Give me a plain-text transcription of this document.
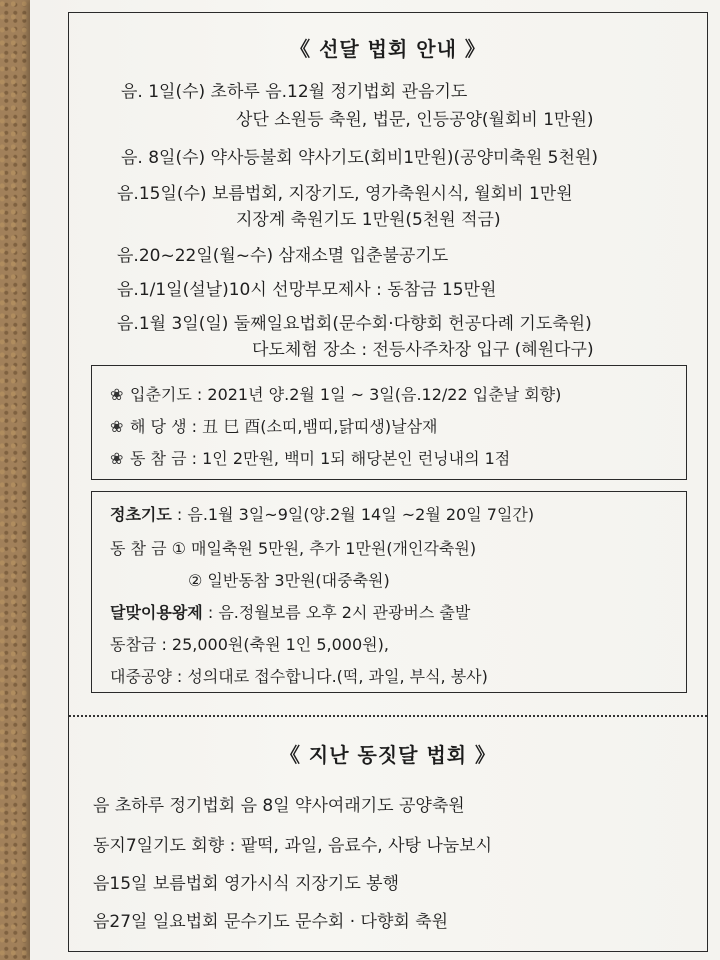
《 선달 법회 안내 》
음. 1일(수) 초하루 음.12월 정기법회 관음기도
상단 소원등 축원, 법문, 인등공양(월회비 1만원)
음. 8일(수) 약사등불회 약사기도(회비1만원)(공양미축원 5천원)
음.15일(수) 보름법회, 지장기도, 영가축원시식, 월회비 1만원
지장계 축원기도 1만원(5천원 적금)
음.20~22일(월~수) 삼재소멸 입춘불공기도
음.1/1일(설날)10시 선망부모제사 : 동참금 15만원
음.1월 3일(일) 둘째일요법회(문수회·다향회 헌공다례 기도축원)
다도체험 장소 : 전등사주차장 입구 (혜원다구)
❀ 입춘기도 : 2021년 양.2월 1일 ~ 3일(음.12/22 입춘날 회향)
❀ 해 당 생 : 丑 巳 酉(소띠,뱀띠,닭띠생)날삼재
❀ 동 참 금 : 1인 2만원, 백미 1되 해당본인 런닝내의 1점
정초기도 : 음.1월 3일~9일(양.2월 14일 ~2월 20일 7일간)
동 참 금 ① 매일축원 5만원, 추가 1만원(개인각축원)
② 일반동참 3만원(대중축원)
달맞이용왕제 : 음.정월보름 오후 2시 관광버스 출발
동참금 : 25,000원(축원 1인 5,000원),
대중공양 : 성의대로 접수합니다.(떡, 과일, 부식, 봉사)
《 지난 동짓달 법회 》
음 초하루 정기법회 음 8일 약사여래기도 공양축원
동지7일기도 회향 : 팥떡, 과일, 음료수, 사탕 나눔보시
음15일 보름법회 영가시식 지장기도 봉행
음27일 일요법회 문수기도 문수회 · 다향회 축원
